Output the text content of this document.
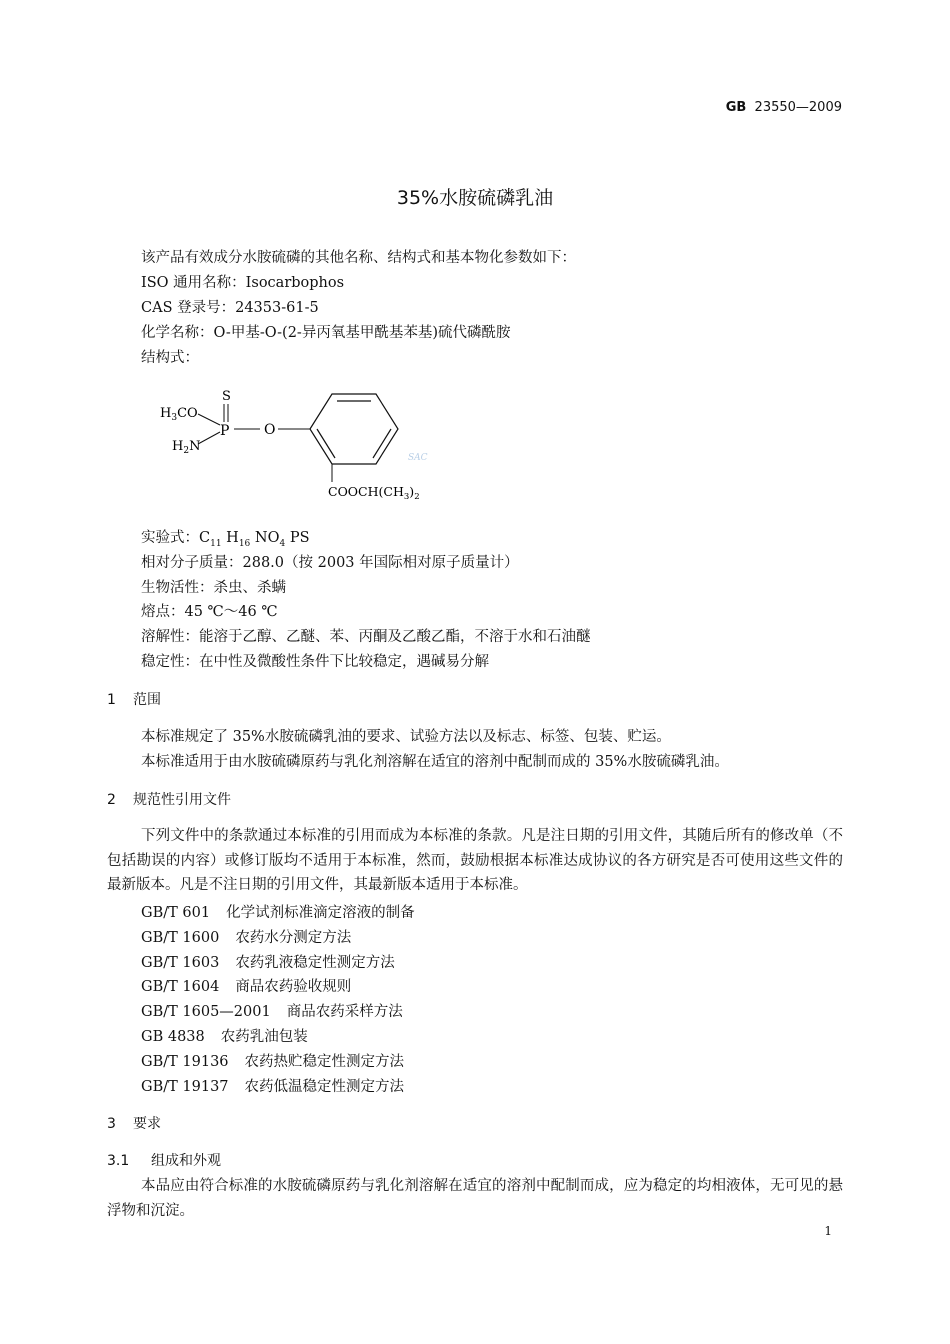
GB 23550—2009
35%水胺硫磷乳油
该产品有效成分水胺硫磷的其他名称、结构式和基本物化参数如下：
ISO 通用名称：Isocarbophos
CAS 登录号：24353-61-5
化学名称：O-甲基-O-(2-异丙氧基甲酰基苯基)硫代磷酰胺
结构式：
S
P
$H_3CO$
$H_2N$
O
$COOCH(CH_3)_2$
SAC
实验式：$C_{11}$ $H_{16}$ $NO_4$ PS
相对分子质量：288.0（按 2003 年国际相对原子质量计）
生物活性：杀虫、杀螨
熔点：45 ℃～46 ℃
溶解性：能溶于乙醇、乙醚、苯、丙酮及乙酸乙酯，不溶于水和石油醚
稳定性：在中性及微酸性条件下比较稳定，遇碱易分解
1 范围
本标准规定了 35%水胺硫磷乳油的要求、试验方法以及标志、标签、包装、贮运。
本标准适用于由水胺硫磷原药与乳化剂溶解在适宜的溶剂中配制而成的 35%水胺硫磷乳油。
2 规范性引用文件
下列文件中的条款通过本标准的引用而成为本标准的条款。凡是注日期的引用文件，其随后所有的修改单（不包括勘误的内容）或修订版均不适用于本标准，然而，鼓励根据本标准达成协议的各方研究是否可使用这些文件的最新版本。凡是不注日期的引用文件，其最新版本适用于本标准。
GB/T 601 化学试剂标准滴定溶液的制备
GB/T 1600 农药水分测定方法
GB/T 1603 农药乳液稳定性测定方法
GB/T 1604 商品农药验收规则
GB/T 1605—2001 商品农药采样方法
GB 4838 农药乳油包装
GB/T 19136 农药热贮稳定性测定方法
GB/T 19137 农药低温稳定性测定方法
3 要求
3.1 组成和外观
本品应由符合标准的水胺硫磷原药与乳化剂溶解在适宜的溶剂中配制而成，应为稳定的均相液体，无可见的悬浮物和沉淀。
1
